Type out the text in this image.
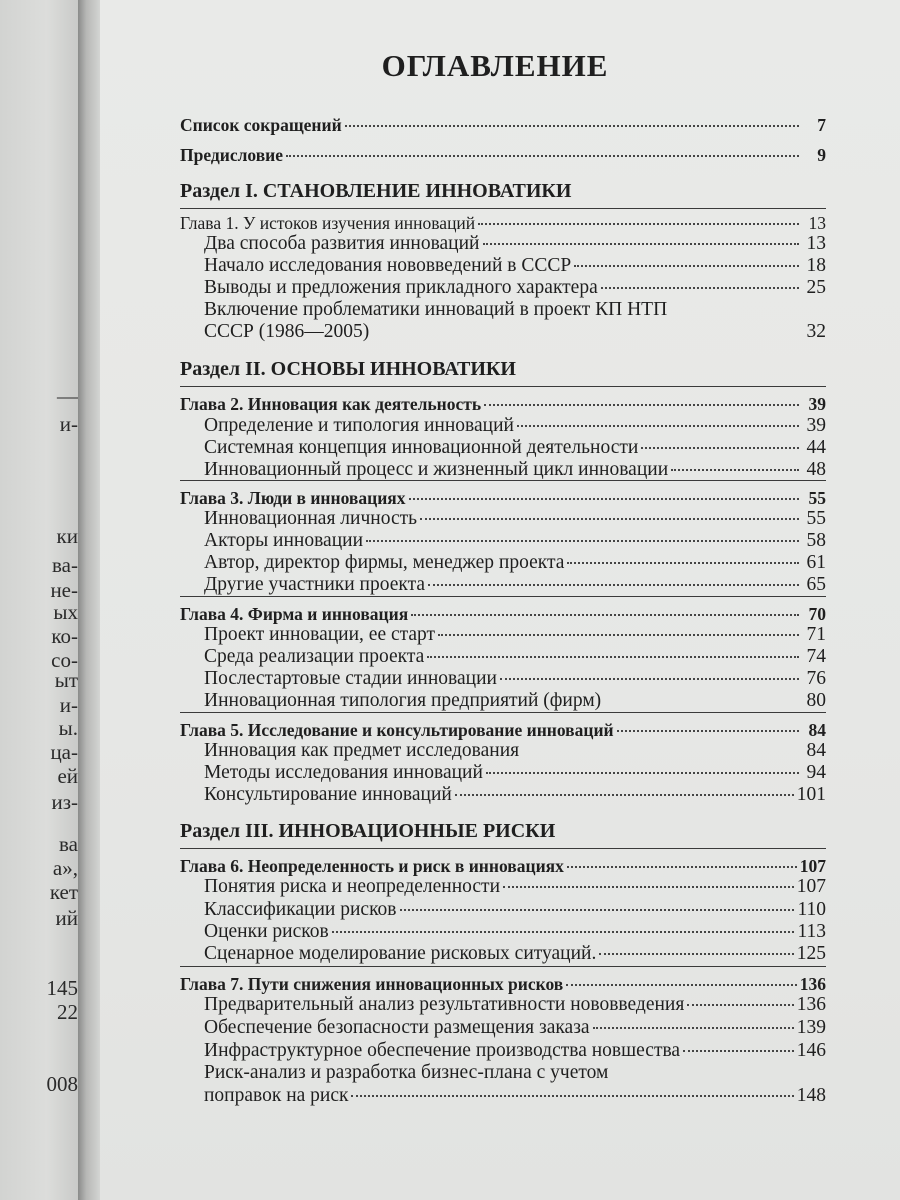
—
и-
ки
ва-
не-
ых
ко-
со-
ыт
и-
ы.
ца-
ей
из-
ва
а»,
кет
ий
145
22
008
ОГЛАВЛЕНИЕ
Список сокращений	7
Предисловие	9
Раздел I. СТАНОВЛЕНИЕ ИННОВАТИКИ
Глава 1. У истоков изучения инноваций	13
Два способа развития инноваций	13
Начало исследования нововведений в СССР	18
Выводы и предложения прикладного характера	25
Включение проблематики инноваций в проект КП НТП
СССР (1986—2005)	32
Раздел II. ОСНОВЫ ИННОВАТИКИ
Глава 2. Инновация как деятельность	39
Определение и типология инноваций	39
Системная концепция инновационной деятельности	44
Инновационный процесс и жизненный цикл инновации	48
Глава 3. Люди в инновациях	55
Инновационная личность	55
Акторы инновации	58
Автор, директор фирмы, менеджер проекта	61
Другие участники проекта	65
Глава 4. Фирма и инновация	70
Проект инновации, ее старт	71
Среда реализации проекта	74
Послестартовые стадии инновации	76
Инновационная типология предприятий (фирм)	80
Глава 5. Исследование и консультирование инноваций	84
Инновация как предмет исследования	84
Методы исследования инноваций	94
Консультирование инноваций	101
Раздел III. ИННОВАЦИОННЫЕ РИСКИ
Глава 6. Неопределенность и риск в инновациях	107
Понятия риска и неопределенности	107
Классификации рисков	110
Оценки рисков	113
Сценарное моделирование рисковых ситуаций.	125
Глава 7. Пути снижения инновационных рисков	136
Предварительный анализ результативности нововведения	136
Обеспечение безопасности размещения заказа	139
Инфраструктурное обеспечение производства новшества	146
Риск-анализ и разработка бизнес-плана с учетом
поправок на риск	148
